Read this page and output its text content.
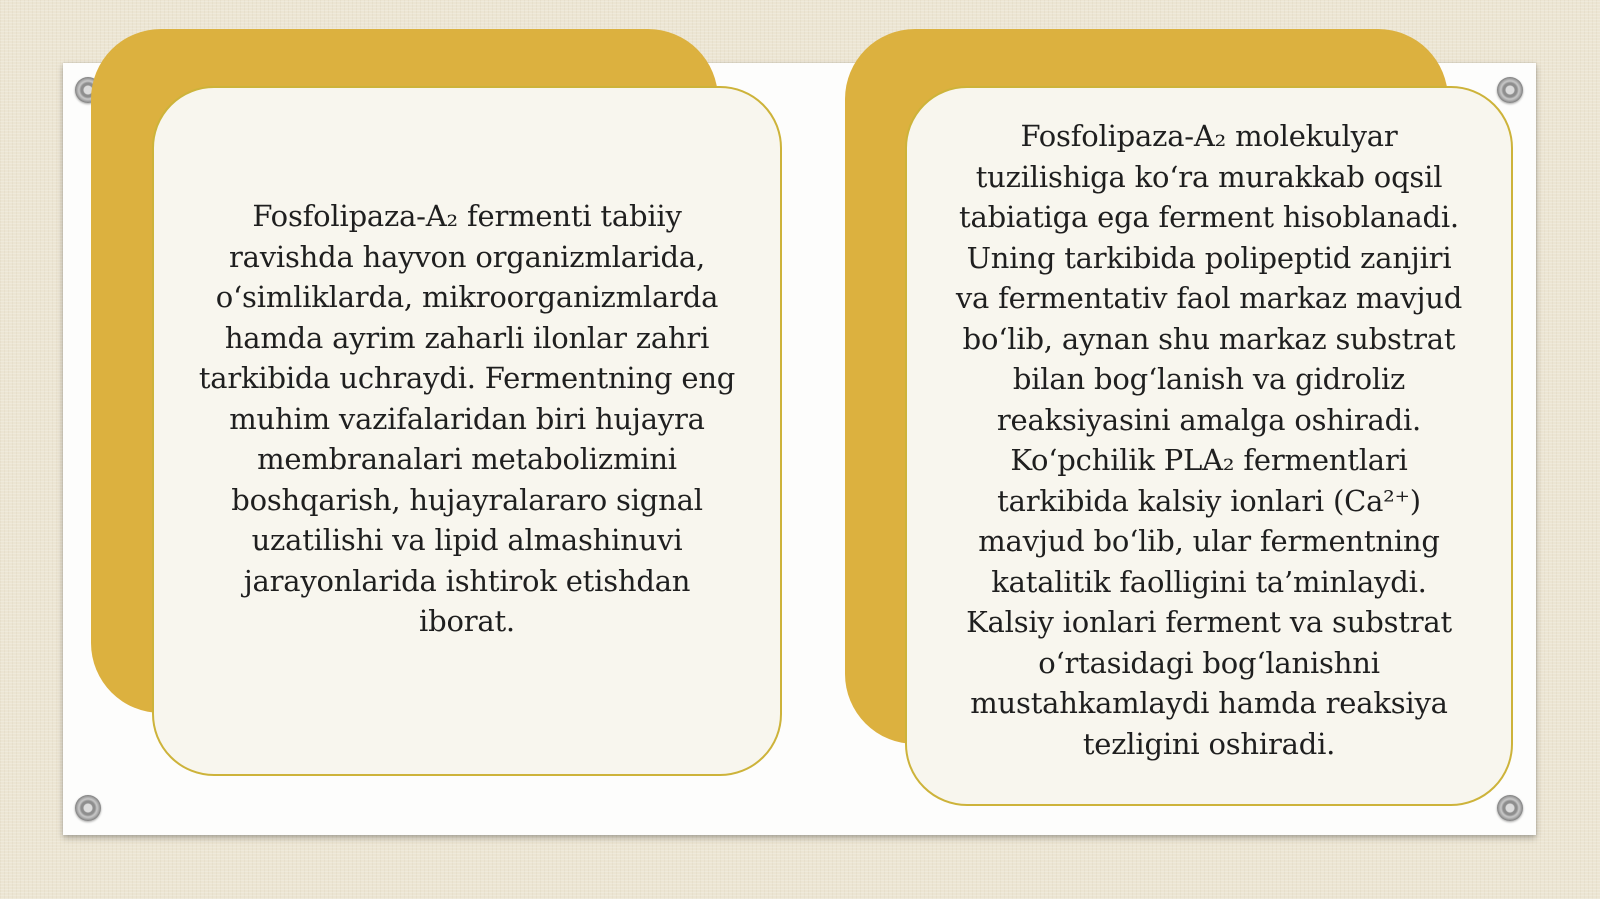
Fosfolipaza-A₂ fermenti tabiiy
ravishda hayvon organizmlarida,
o‘simliklarda, mikroorganizmlarda
hamda ayrim zaharli ilonlar zahri
tarkibida uchraydi. Fermentning eng
muhim vazifalaridan biri hujayra
membranalari metabolizmini
boshqarish, hujayralararo signal
uzatilishi va lipid almashinuvi
jarayonlarida ishtirok etishdan
iborat.
Fosfolipaza-A₂ molekulyar
tuzilishiga ko‘ra murakkab oqsil
tabiatiga ega ferment hisoblanadi.
Uning tarkibida polipeptid zanjiri
va fermentativ faol markaz mavjud
bo‘lib, aynan shu markaz substrat
bilan bog‘lanish va gidroliz
reaksiyasini amalga oshiradi.
Ko‘pchilik PLA₂ fermentlari
tarkibida kalsiy ionlari (Ca²⁺)
mavjud bo‘lib, ular fermentning
katalitik faolligini ta’minlaydi.
Kalsiy ionlari ferment va substrat
o‘rtasidagi bog‘lanishni
mustahkamlaydi hamda reaksiya
tezligini oshiradi.
